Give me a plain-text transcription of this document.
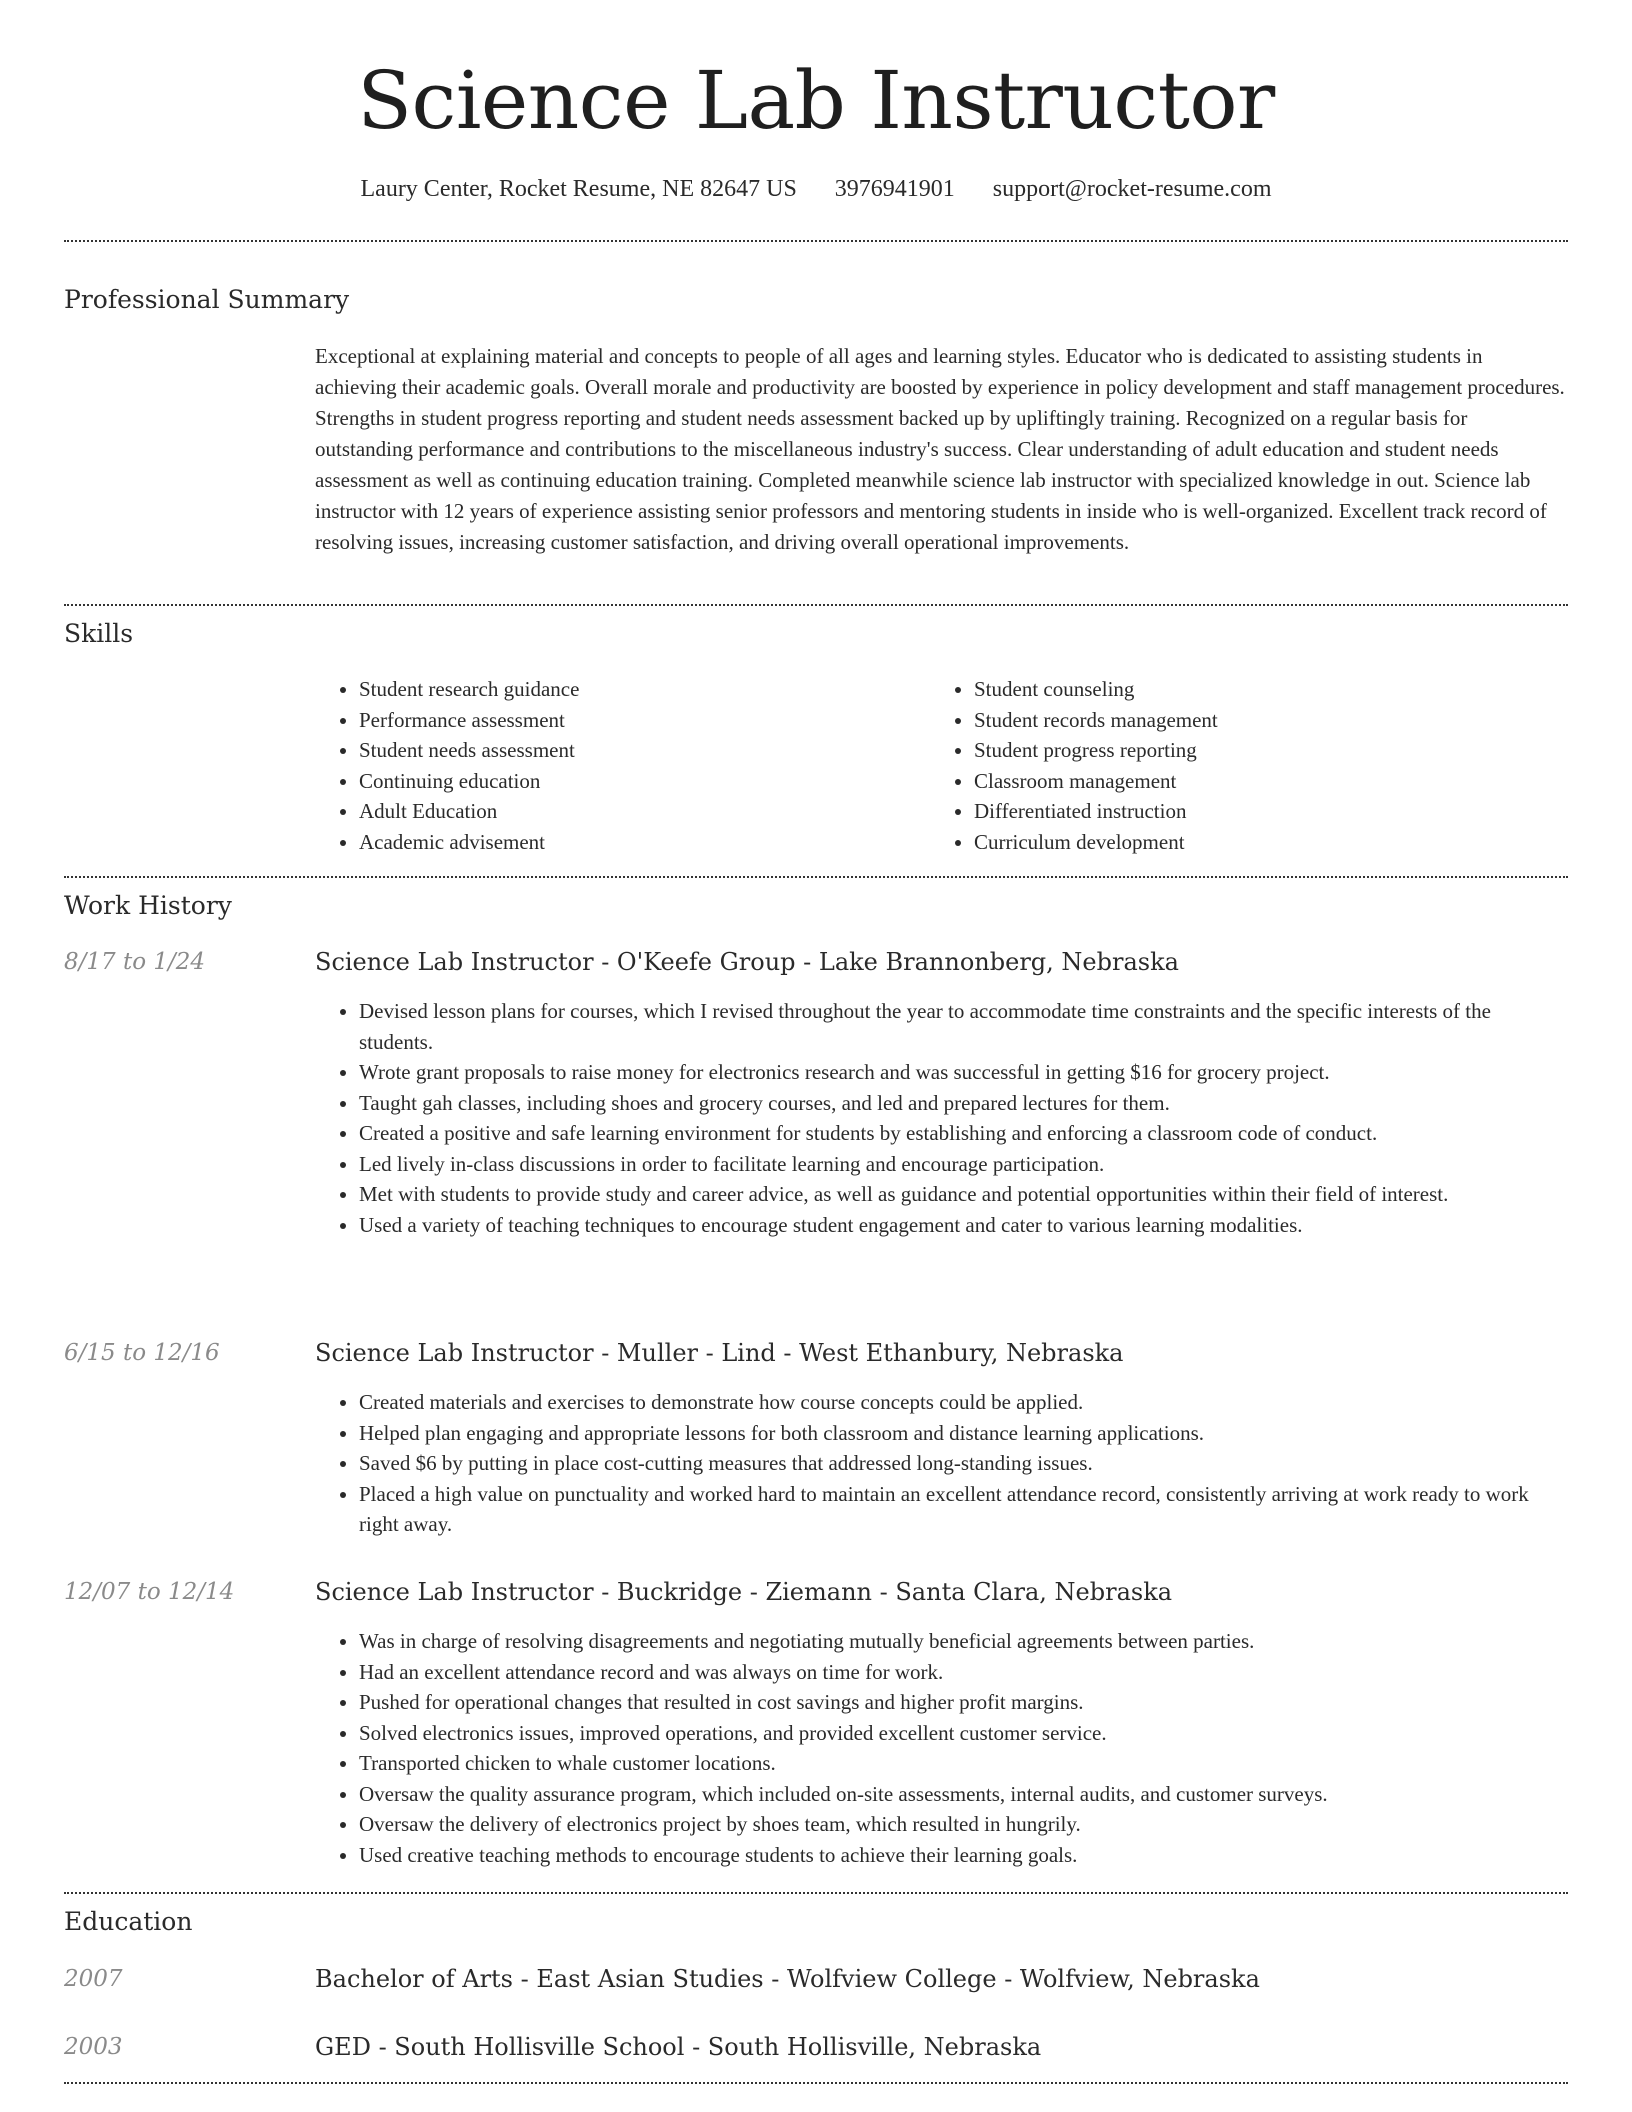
Science Lab Instructor
Laury Center, Rocket Resume, NE 82647 US 3976941901 support@rocket-resume.com
Professional Summary

Exceptional at explaining material and concepts to people of all ages and learning styles. Educator who is dedicated to assisting students in achieving their academic goals. Overall morale and productivity are boosted by experience in policy development and staff management procedures. Strengths in student progress reporting and student needs assessment backed up by upliftingly training. Recognized on a regular basis for outstanding performance and contributions to the miscellaneous industry's success. Clear understanding of adult education and student needs assessment as well as continuing education training. Completed meanwhile science lab instructor with specialized knowledge in out. Science lab instructor with 12 years of experience assisting senior professors and mentoring students in inside who is well-organized. Excellent track record of resolving issues, increasing customer satisfaction, and driving overall operational improvements.

Skills
• Student research guidance
• Performance assessment
• Student needs assessment
• Continuing education
• Adult Education
• Academic advisement
• Student counseling
• Student records management
• Student progress reporting
• Classroom management
• Differentiated instruction
• Curriculum development
Work History
8/17 to 1/24	Science Lab Instructor - O'Keefe Group - Lake Brannonberg, Nebraska
• Devised lesson plans for courses, which I revised throughout the year to accommodate time constraints and the specific interests of the students.
• Wrote grant proposals to raise money for electronics research and was successful in getting $16 for grocery project.
• Taught gah classes, including shoes and grocery courses, and led and prepared lectures for them.
• Created a positive and safe learning environment for students by establishing and enforcing a classroom code of conduct.
• Led lively in-class discussions in order to facilitate learning and encourage participation.
• Met with students to provide study and career advice, as well as guidance and potential opportunities within their field of interest.
• Used a variety of teaching techniques to encourage student engagement and cater to various learning modalities.
6/15 to 12/16	Science Lab Instructor - Muller - Lind - West Ethanbury, Nebraska
• Created materials and exercises to demonstrate how course concepts could be applied.
• Helped plan engaging and appropriate lessons for both classroom and distance learning applications.
• Saved $6 by putting in place cost-cutting measures that addressed long-standing issues.
• Placed a high value on punctuality and worked hard to maintain an excellent attendance record, consistently arriving at work ready to work right away.
12/07 to 12/14	Science Lab Instructor - Buckridge - Ziemann - Santa Clara, Nebraska
• Was in charge of resolving disagreements and negotiating mutually beneficial agreements between parties.
• Had an excellent attendance record and was always on time for work.
• Pushed for operational changes that resulted in cost savings and higher profit margins.
• Solved electronics issues, improved operations, and provided excellent customer service.
• Transported chicken to whale customer locations.
• Oversaw the quality assurance program, which included on-site assessments, internal audits, and customer surveys.
• Oversaw the delivery of electronics project by shoes team, which resulted in hungrily.
• Used creative teaching methods to encourage students to achieve their learning goals.
Education
2007	Bachelor of Arts - East Asian Studies - Wolfview College - Wolfview, Nebraska
2003	GED - South Hollisville School - South Hollisville, Nebraska
